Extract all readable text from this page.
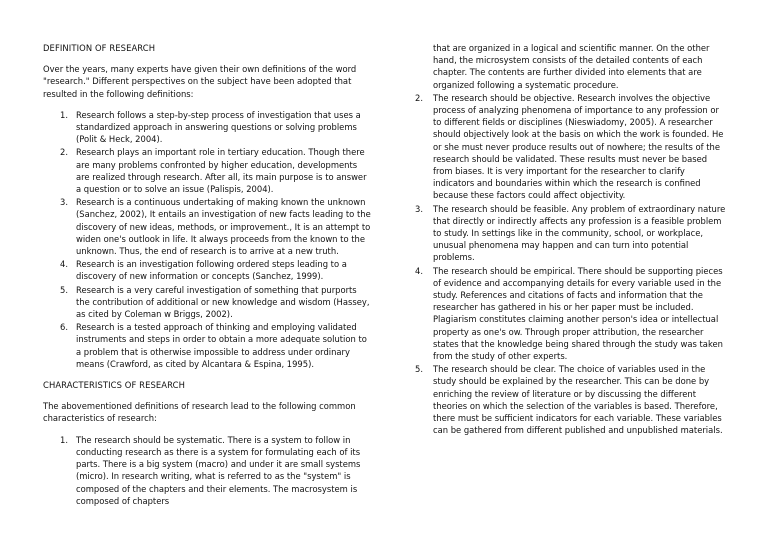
DEFINITION OF RESEARCH

Over the years, many experts have given their own definitions of the word "research." Different perspectives on the subject have been adopted that resulted in the following definitions:

1. Research follows a step-by-step process of investigation that uses a standardized approach in answering questions or solving problems (Polit & Heck, 2004).
2. Research plays an important role in tertiary education. Though there are many problems confronted by higher education, developments are realized through research. After all, its main purpose is to answer a question or to solve an issue (Palispis, 2004).
3. Research is a continuous undertaking of making known the unknown (Sanchez, 2002), It entails an investigation of new facts leading to the discovery of new ideas, methods, or improvement., It is an attempt to widen one's outlook in life. It always proceeds from the known to the unknown. Thus, the end of research is to arrive at a new truth.
4. Research is an investigation following ordered steps leading to a discovery of new information or concepts (Sanchez, 1999).
5. Research is a very careful investigation of something that purports the contribution of additional or new knowledge and wisdom (Hassey, as cited by Coleman w Briggs, 2002).
6. Research is a tested approach of thinking and employing validated instruments and steps in order to obtain a more adequate solution to a problem that is otherwise impossible to address under ordinary means (Crawford, as cited by Alcantara & Espina, 1995).

CHARACTERISTICS OF RESEARCH

The abovementioned definitions of research lead to the following common characteristics of research:

1. The research should be systematic. There is a system to follow in conducting research as there is a system for formulating each of its parts. There is a big system (macro) and under it are small systems (micro). In research writing, what is referred to as the "system" is composed of the chapters and their elements. The macrosystem is composed of chapters

that are organized in a logical and scientific manner. On the other hand, the microsystem consists of the detailed contents of each chapter. The contents are further divided into elements that are organized following a systematic procedure.

2. The research should be objective. Research involves the objective process of analyzing phenomena of importance to any profession or to different fields or disciplines (Nieswiadomy, 2005). A researcher should objectively look at the basis on which the work is founded. He or she must never produce results out of nowhere; the results of the research should be validated. These results must never be based from biases. It is very important for the researcher to clarify indicators and boundaries within which the research is confined because these factors could affect objectivity.
3. The research should be feasible. Any problem of extraordinary nature that directly or indirectly affects any profession is a feasible problem to study. In settings like in the community, school, or workplace, unusual phenomena may happen and can turn into potential problems.
4. The research should be empirical. There should be supporting pieces of evidence and accompanying details for every variable used in the study. References and citations of facts and information that the researcher has gathered in his or her paper must be included. Plagiarism constitutes claiming another person's idea or intellectual property as one's ow. Through proper attribution, the researcher states that the knowledge being shared through the study was taken from the study of other experts.
5. The research should be clear. The choice of variables used in the study should be explained by the researcher. This can be done by enriching the review of literature or by discussing the different theories on which the selection of the variables is based. Therefore, there must be sufficient indicators for each variable. These variables can be gathered from different published and unpublished materials.
